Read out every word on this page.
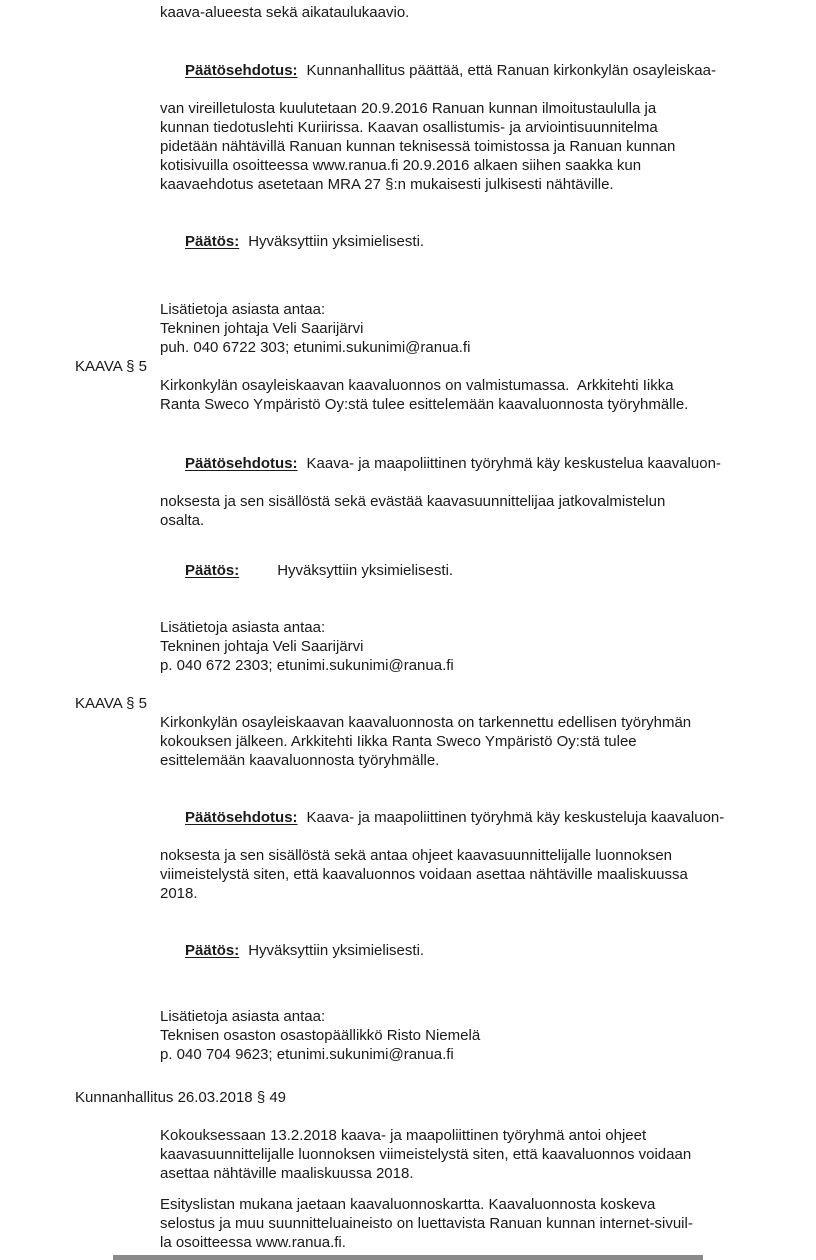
kaava-alueesta sekä aikataulukaavio.

Päätösehdotus: Kunnanhallitus päättää, että Ranuan kirkonkylän osayleiskaa-

van vireilletulosta kuulutetaan 20.9.2016 Ranuan kunnan ilmoitustaululla ja
kunnan tiedotuslehti Kuriirissa. Kaavan osallistumis- ja arviointisuunnitelma
pidetään nähtävillä Ranuan kunnan teknisessä toimistossa ja Ranuan kunnan
kotisivuilla osoitteessa www.ranua.fi 20.9.2016 alkaen siihen saakka kun
kaavaehdotus asetetaan MRA 27 §:n mukaisesti julkisesti nähtäville.

Päätös: Hyväksyttiin yksimielisesti.

Lisätietoja asiasta antaa:
Tekninen johtaja Veli Saarijärvi
puh. 040 6722 303; etunimi.sukunimi@ranua.fi
KAAVA § 5
Kirkonkylän osayleiskaavan kaavaluonnos on valmistumassa.  Arkkitehti Iikka
Ranta Sweco Ympäristö Oy:stä tulee esittelemään kaavaluonnosta työryhmälle.

Päätösehdotus: Kaava- ja maapoliittinen työryhmä käy keskustelua kaavaluon-

noksesta ja sen sisällöstä sekä evästää kaavasuunnittelijaa jatkovalmistelun
osalta.

Päätös:	Hyväksyttiin yksimielisesti.

Lisätietoja asiasta antaa:
Tekninen johtaja Veli Saarijärvi
p. 040 672 2303; etunimi.sukunimi@ranua.fi
KAAVA § 5
Kirkonkylän osayleiskaavan kaavaluonnosta on tarkennettu edellisen työryhmän
kokouksen jälkeen. Arkkitehti Iikka Ranta Sweco Ympäristö Oy:stä tulee
esittelemään kaavaluonnosta työryhmälle.

Päätösehdotus: Kaava- ja maapoliittinen työryhmä käy keskusteluja kaavaluon-

noksesta ja sen sisällöstä sekä antaa ohjeet kaavasuunnittelijalle luonnoksen
viimeistelystä siten, että kaavaluonnos voidaan asettaa nähtäville maaliskuussa
2018.

Päätös: Hyväksyttiin yksimielisesti.

Lisätietoja asiasta antaa:
Teknisen osaston osastopäällikkö Risto Niemelä
p. 040 704 9623; etunimi.sukunimi@ranua.fi
Kunnanhallitus 26.03.2018 § 49
Kokouksessaan 13.2.2018 kaava- ja maapoliittinen työryhmä antoi ohjeet
kaavasuunnittelijalle luonnoksen viimeistelystä siten, että kaavaluonnos voidaan
asettaa nähtäville maaliskuussa 2018.
Esityslistan mukana jaetaan kaavaluonnoskartta. Kaavaluonnosta koskeva
selostus ja muu suunnitteluaineisto on luettavista Ranuan kunnan internet-sivuil-
la osoitteessa www.ranua.fi.
